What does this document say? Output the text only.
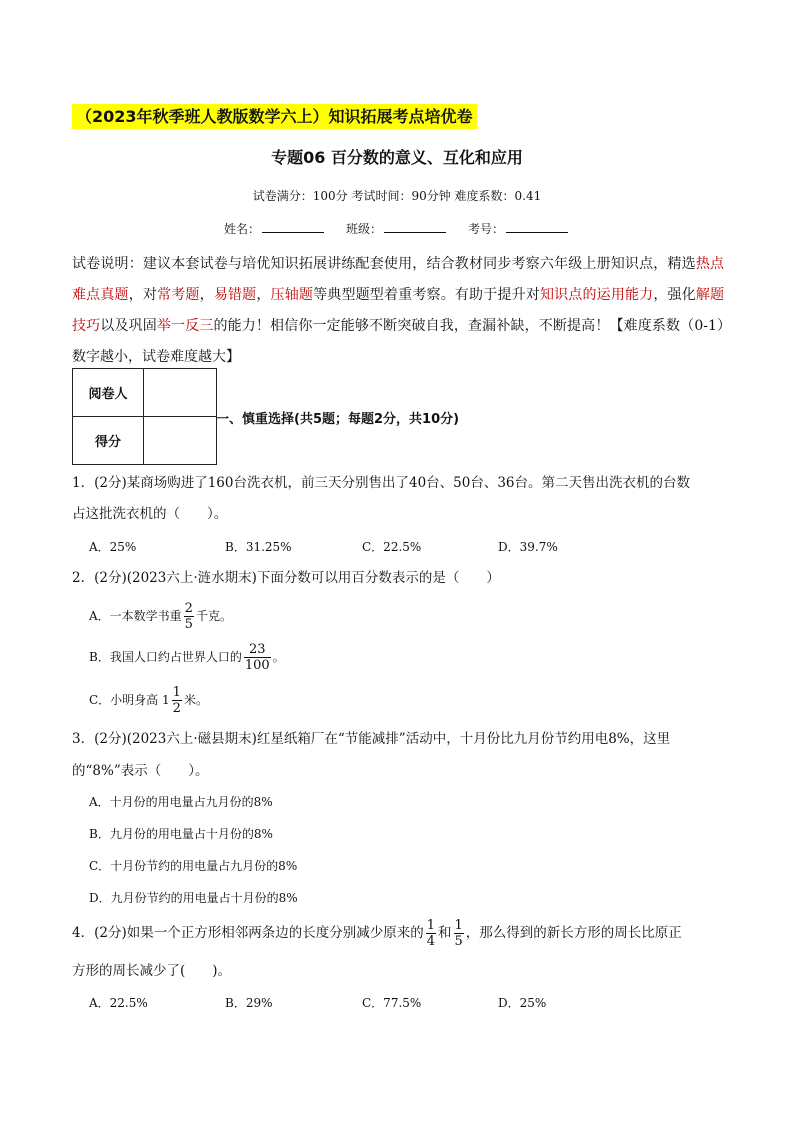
（2023年秋季班人教版数学六上）知识拓展考点培优卷
专题06 百分数的意义、互化和应用
试卷满分：100分 考试时间：90分钟 难度系数：0.41
姓名：	班级：	考号：
试卷说明：建议本套试卷与培优知识拓展讲练配套使用，结合教材同步考察六年级上册知识点，精选热点难点真题，对常考题，易错题，压轴题等典型题型着重考察。有助于提升对知识点的运用能力，强化解题技巧以及巩固举一反三的能力！相信你一定能够不断突破自我，查漏补缺，不断提高！【难度系数（0-1）数字越小，试卷难度越大】
阅卷人	
得分	
一、慎重选择(共5题；每题2分，共10分)
1．(2分)某商场购进了160台洗衣机，前三天分别售出了40台、50台、36台。第二天售出洗衣机的台数
占这批洗衣机的（　　）。
A．25%	B．31.25%	C．22.5%	D．39.7%
2．(2分)(2023六上·涟水期末)下面分数可以用百分数表示的是（　　）
A．一本数学书重 $\frac{2}{5}$ 千克。
B．我国人口约占世界人口的 $\frac{23}{100}$ 。
C．小明身高 $1 \frac{1}{2}$ 米。
3．(2分)(2023六上·磁县期末)红星纸箱厂在“节能减排”活动中，十月份比九月份节约用电8%，这里
的“8%”表示（　　）。
A．十月份的用电量占九月份的8%
B．九月份的用电量占十月份的8%
C．十月份节约的用电量占九月份的8%
D．九月份节约的用电量占十月份的8%
4．(2分)如果一个正方形相邻两条边的长度分别减少原来的 $\frac{1}{4}$ 和 $\frac{1}{5}$ ，那么得到的新长方形的周长比原正
方形的周长减少了(　　)。
A．22.5%	B．29%	C．77.5%	D．25%
